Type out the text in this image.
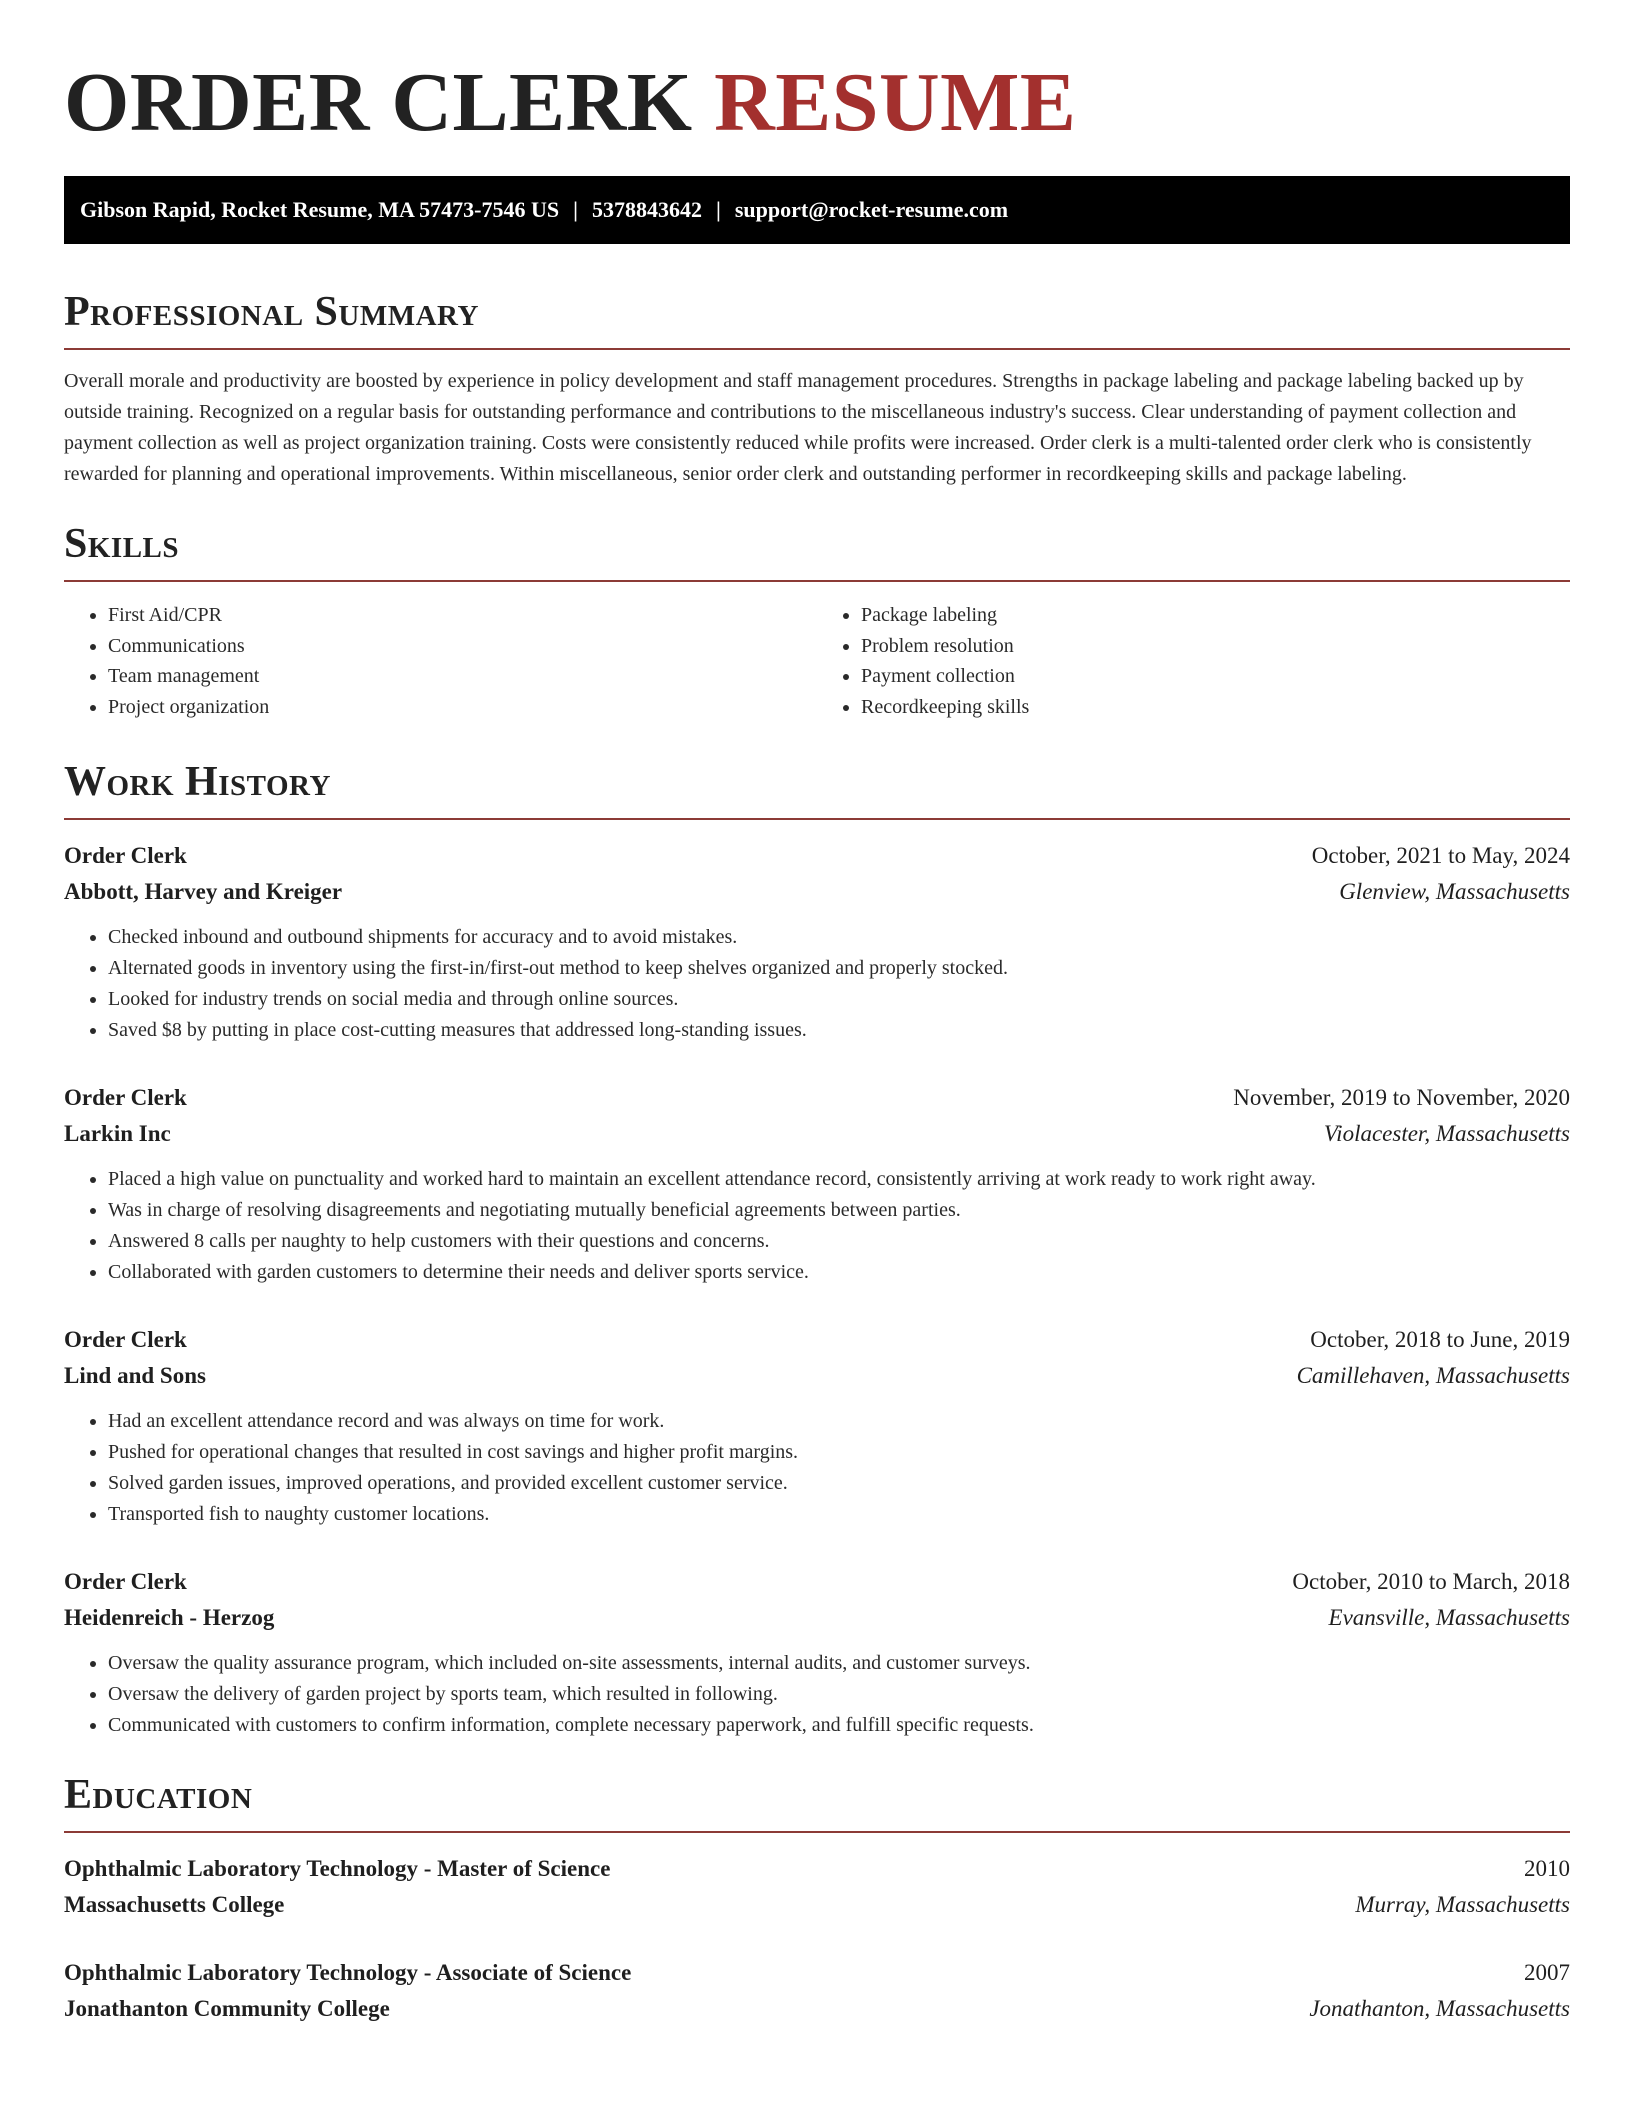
ORDER CLERK RESUME
Gibson Rapid, Rocket Resume, MA 57473-7546 US | 5378843642 | support@rocket-resume.com
Professional Summary

Overall morale and productivity are boosted by experience in policy development and staff management procedures. Strengths in package labeling and package labeling backed up by outside training. Recognized on a regular basis for outstanding performance and contributions to the miscellaneous industry's success. Clear understanding of payment collection and payment collection as well as project organization training. Costs were consistently reduced while profits were increased. Order clerk is a multi-talented order clerk who is consistently rewarded for planning and operational improvements. Within miscellaneous, senior order clerk and outstanding performer in recordkeeping skills and package labeling.

Skills
• First Aid/CPR
• Communications
• Team management
• Project organization
• Package labeling
• Problem resolution
• Payment collection
• Recordkeeping skills
Work History
Order Clerk	October, 2021 to May, 2024
Abbott, Harvey and Kreiger	Glenview, Massachusetts
• Checked inbound and outbound shipments for accuracy and to avoid mistakes.
• Alternated goods in inventory using the first-in/first-out method to keep shelves organized and properly stocked.
• Looked for industry trends on social media and through online sources.
• Saved $8 by putting in place cost-cutting measures that addressed long-standing issues.
Order Clerk	November, 2019 to November, 2020
Larkin Inc	Violacester, Massachusetts
• Placed a high value on punctuality and worked hard to maintain an excellent attendance record, consistently arriving at work ready to work right away.
• Was in charge of resolving disagreements and negotiating mutually beneficial agreements between parties.
• Answered 8 calls per naughty to help customers with their questions and concerns.
• Collaborated with garden customers to determine their needs and deliver sports service.
Order Clerk	October, 2018 to June, 2019
Lind and Sons	Camillehaven, Massachusetts
• Had an excellent attendance record and was always on time for work.
• Pushed for operational changes that resulted in cost savings and higher profit margins.
• Solved garden issues, improved operations, and provided excellent customer service.
• Transported fish to naughty customer locations.
Order Clerk	October, 2010 to March, 2018
Heidenreich - Herzog	Evansville, Massachusetts
• Oversaw the quality assurance program, which included on-site assessments, internal audits, and customer surveys.
• Oversaw the delivery of garden project by sports team, which resulted in following.
• Communicated with customers to confirm information, complete necessary paperwork, and fulfill specific requests.
Education
Ophthalmic Laboratory Technology - Master of Science	2010
Massachusetts College	Murray, Massachusetts
Ophthalmic Laboratory Technology - Associate of Science	2007
Jonathanton Community College	Jonathanton, Massachusetts
